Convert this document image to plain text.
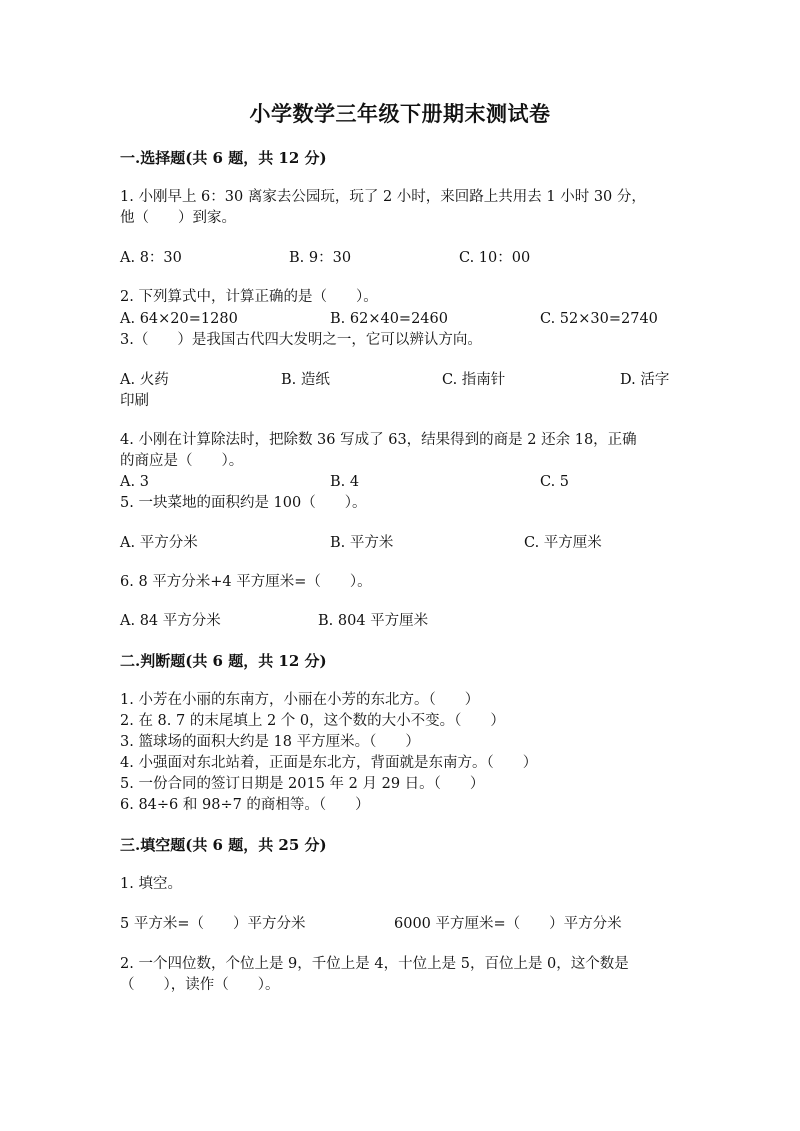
小学数学三年级下册期末测试卷
一.选择题(共 6 题，共 12 分)
1. 小刚早上 6：30 离家去公园玩，玩了 2 小时，来回路上共用去 1 小时 30 分，
他（　　）到家。
A. 8：30	B. 9：30	C. 10：00
2. 下列算式中，计算正确的是（　　）。
A. 64×20=1280	B. 62×40=2460	C. 52×30=2740
3.（　　）是我国古代四大发明之一，它可以辨认方向。
A. 火药	B. 造纸	C. 指南针	D. 活字
印刷
4. 小刚在计算除法时，把除数 36 写成了 63，结果得到的商是 2 还余 18，正确
的商应是（　　）。
A. 3	B. 4	C. 5
5. 一块菜地的面积约是 100（　　）。
A. 平方分米	B. 平方米	C. 平方厘米
6. 8 平方分米+4 平方厘米=（　　）。
A. 84 平方分米	B. 804 平方厘米
二.判断题(共 6 题，共 12 分)
1. 小芳在小丽的东南方，小丽在小芳的东北方。（　　）
2. 在 8. 7 的末尾填上 2 个 0，这个数的大小不变。（　　）
3. 篮球场的面积大约是 18 平方厘米。（　　）
4. 小强面对东北站着，正面是东北方，背面就是东南方。（　　）
5. 一份合同的签订日期是 2015 年 2 月 29 日。（　　）
6. 84÷6 和 98÷7 的商相等。（　　）
三.填空题(共 6 题，共 25 分)
1. 填空。
5 平方米=（　　）平方分米	6000 平方厘米=（　　）平方分米
2. 一个四位数，个位上是 9，千位上是 4，十位上是 5，百位上是 0，这个数是
（　　），读作（　　）。
